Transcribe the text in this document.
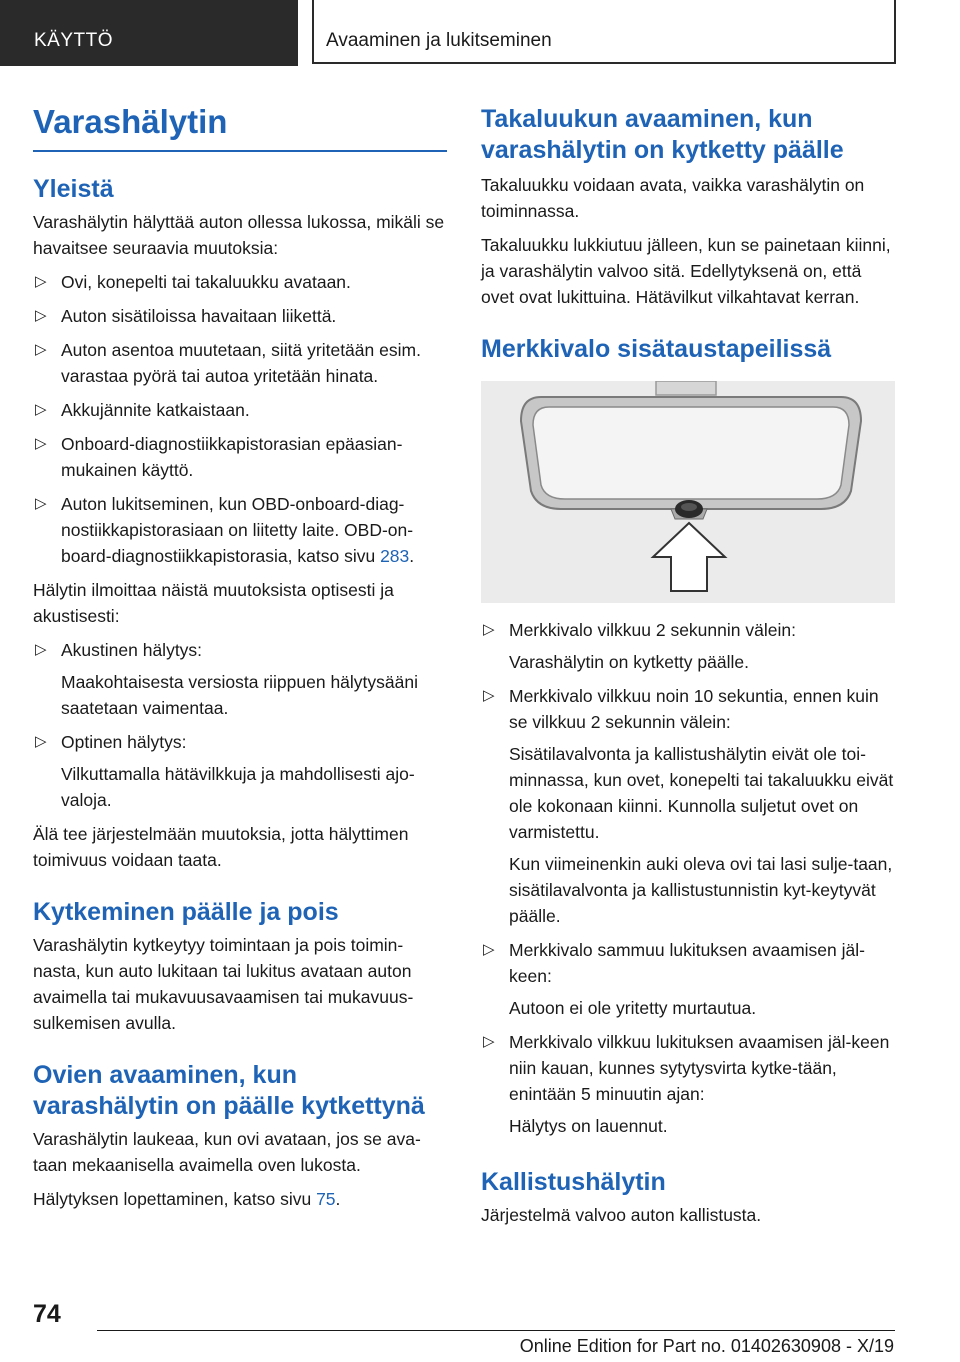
KÄYTTÖ	Avaaminen ja lukitseminen
Varashälytin
Yleistä

Varashälytin hälyttää auton ollessa lukossa, mikäli se havaitsee seuraavia muutoksia:

▷ Ovi, konepelti tai takaluukku avataan.
▷ Auton sisätiloissa havaitaan liikettä.
▷ Auton asentoa muutetaan, siitä yritetään esim. varastaa pyörä tai autoa yritetään hinata.
▷ Akkujännite katkaistaan.
▷ Onboard-diagnostiikkapistorasian epäasian-mukainen käyttö.
▷ Auton lukitseminen, kun OBD-onboard-diag-nostiikkapistorasiaan on liitetty laite. OBD-on-board-diagnostiikkapistorasia, katso sivu 283.

Hälytin ilmoittaa näistä muutoksista optisesti ja akustisesti:

▷ Akustinen hälytys:
Maakohtaisesta versiosta riippuen hälytysääni saatetaan vaimentaa.
▷ Optinen hälytys:
Vilkuttamalla hätävilkkuja ja mahdollisesti ajo-valoja.

Älä tee järjestelmään muutoksia, jotta hälyttimen toimivuus voidaan taata.

Kytkeminen päälle ja pois

Varashälytin kytkeytyy toimintaan ja pois toimin-nasta, kun auto lukitaan tai lukitus avataan auton avaimella tai mukavuusavaamisen tai mukavuus-sulkemisen avulla.

Ovien avaaminen, kun varashälytin on päälle kytkettynä

Varashälytin laukeaa, kun ovi avataan, jos se ava-taan mekaanisella avaimella oven lukosta.

Hälytyksen lopettaminen, katso sivu 75.

Takaluukun avaaminen, kun varashälytin on kytketty päälle

Takaluukku voidaan avata, vaikka varashälytin on toiminnassa.

Takaluukku lukkiutuu jälleen, kun se painetaan kiinni, ja varashälytin valvoo sitä. Edellytyksenä on, että ovet ovat lukittuina. Hätävilkut vilkahtavat kerran.

Merkkivalo sisätaustapeilissä
▷ Merkkivalo vilkkuu 2 sekunnin välein:
Varashälytin on kytketty päälle.
▷ Merkkivalo vilkkuu noin 10 sekuntia, ennen kuin se vilkkuu 2 sekunnin välein:
Sisätilavalvonta ja kallistushälytin eivät ole toi-minnassa, kun ovet, konepelti tai takaluukku eivät ole kokonaan kiinni. Kunnolla suljetut ovet on varmistettu.
Kun viimeinenkin auki oleva ovi tai lasi sulje-taan, sisätilavalvonta ja kallistustunnistin kyt-keytyvät päälle.
▷ Merkkivalo sammuu lukituksen avaamisen jäl-keen:
Autoon ei ole yritetty murtautua.
▷ Merkkivalo vilkkuu lukituksen avaamisen jäl-keen niin kauan, kunnes sytytysvirta kytke-tään, enintään 5 minuutin ajan:
Hälytys on lauennut.
Kallistushälytin

Järjestelmä valvoo auton kallistusta.

74
Online Edition for Part no. 01402630908 - X/19
